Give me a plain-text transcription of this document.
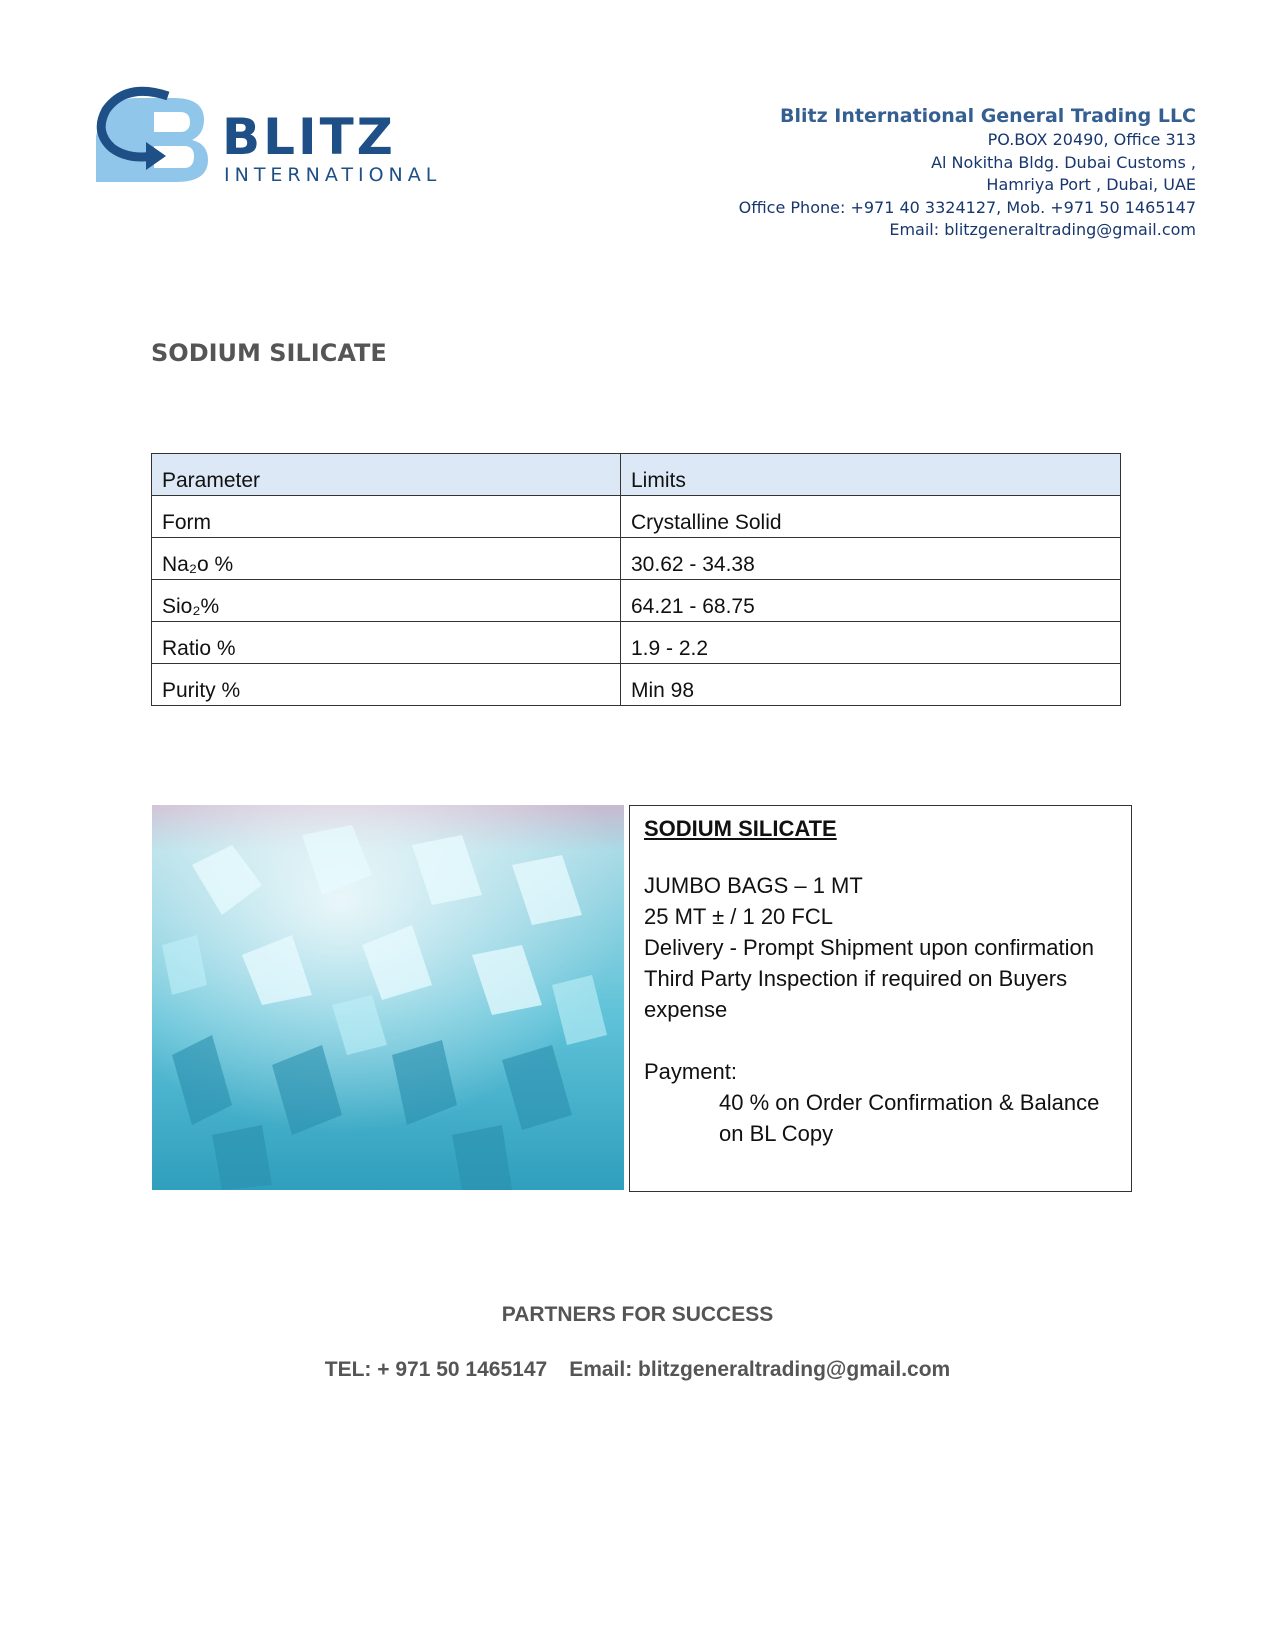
BLITZ
INTERNATIONAL
Blitz International General Trading LLC
PO.BOX 20490, Office 313
Al Nokitha Bldg. Dubai Customs ,
Hamriya Port , Dubai, UAE
Office Phone: +971 40 3324127, Mob. +971 50 1465147
Email: blitzgeneraltrading@gmail.com
SODIUM SILICATE
Parameter	Limits
Form	Crystalline Solid
Na₂o %	30.62 - 34.38
Sio₂%	64.21 - 68.75
Ratio %	1.9 - 2.2
Purity %	Min 98
SODIUM SILICATE
JUMBO BAGS – 1 MT
25 MT ± / 1 20 FCL
Delivery - Prompt Shipment upon confirmation
Third Party Inspection if required on Buyers expense
Payment:
40 % on Order Confirmation & Balance on BL Copy
PARTNERS FOR SUCCESS
TEL: + 971 50 1465147 Email: blitzgeneraltrading@gmail.com
